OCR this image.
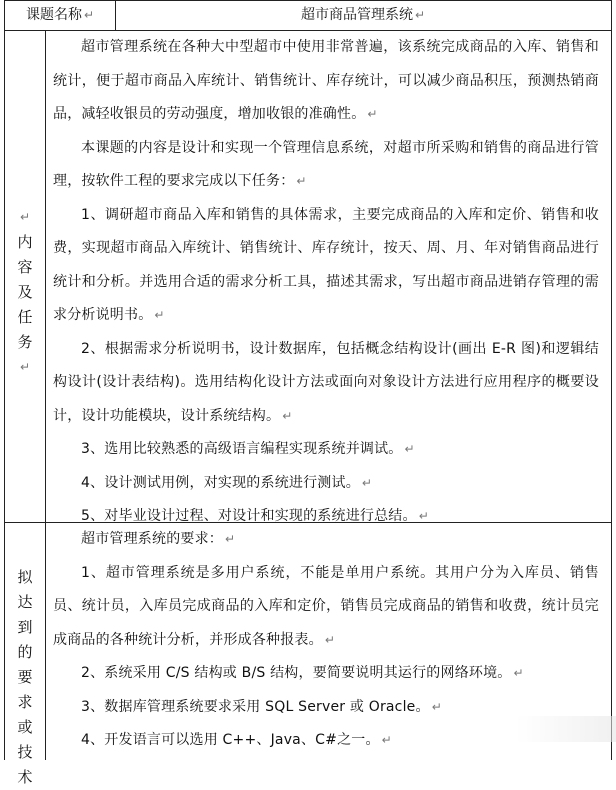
课题名称 ↵	超市商品管理系统 ↵
↵
内
容
及
任
务
↵

超市管理系统在各种大中型超市中使用非常普遍，该系统完成商品的入库、销售和统计，便于超市商品入库统计、销售统计、库存统计，可以减少商品积压，预测热销商品，减轻收银员的劳动强度，增加收银的准确性。 ↵

本课题的内容是设计和实现一个管理信息系统，对超市所采购和销售的商品进行管理，按软件工程的要求完成以下任务： ↵

1、调研超市商品入库和销售的具体需求，主要完成商品的入库和定价、销售和收费，实现超市商品入库统计、销售统计、库存统计，按天、周、月、年对销售商品进行统计和分析。并选用合适的需求分析工具，描述其需求，写出超市商品进销存管理的需求分析说明书。 ↵

2、根据需求分析说明书，设计数据库，包括概念结构设计(画出 E-R 图)和逻辑结构设计(设计表结构)。选用结构化设计方法或面向对象设计方法进行应用程序的概要设计，设计功能模块，设计系统结构。 ↵

3、选用比较熟悉的高级语言编程实现系统并调试。 ↵

4、设计测试用例，对实现的系统进行测试。 ↵

5、对毕业设计过程、对设计和实现的系统进行总结。 ↵

拟
达
到
的
要
求
或
技
术

超市管理系统的要求： ↵

1、超市管理系统是多用户系统，不能是单用户系统。其用户分为入库员、销售员、统计员，入库员完成商品的入库和定价，销售员完成商品的销售和收费，统计员完成商品的各种统计分析，并形成各种报表。 ↵

2、系统采用 C/S 结构或 B/S 结构，要简要说明其运行的网络环境。 ↵

3、数据库管理系统要求采用 SQL Server 或 Oracle。 ↵

4、开发语言可以选用 C++、Java、C#之一。 ↵
